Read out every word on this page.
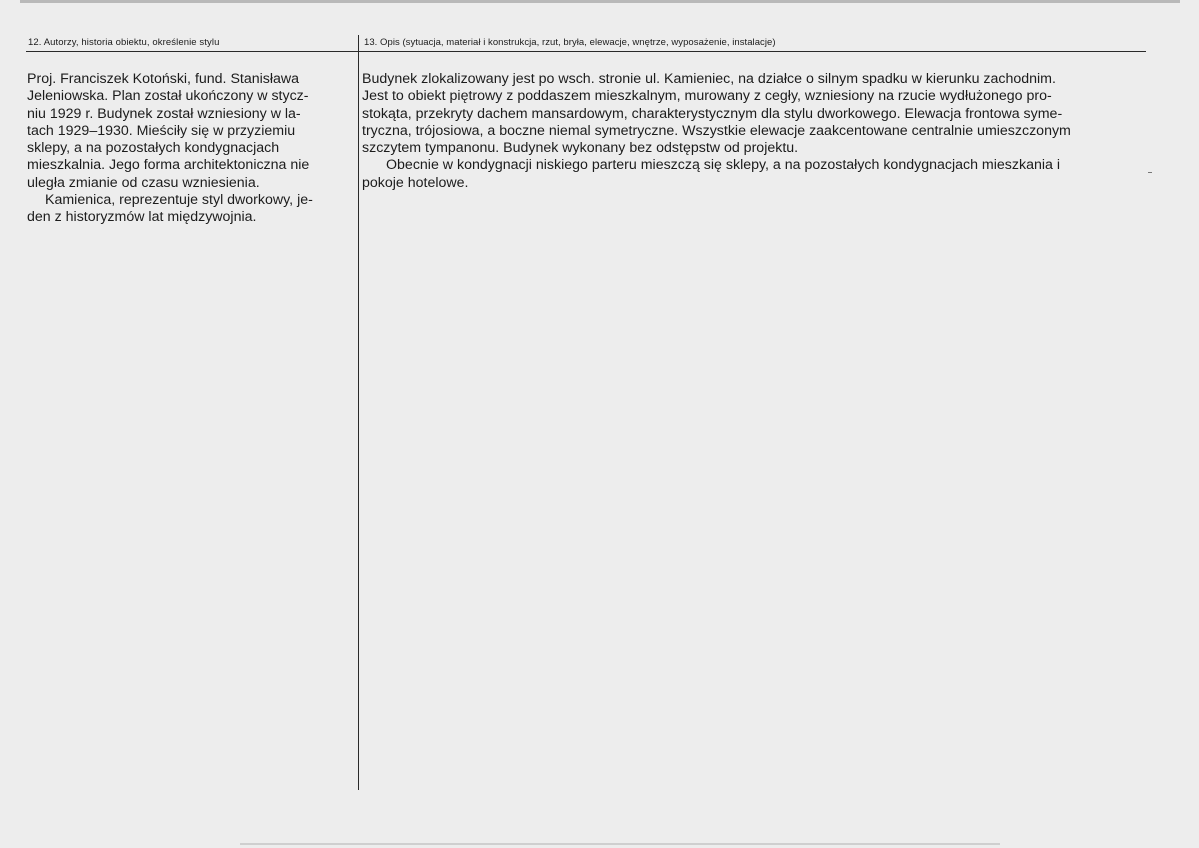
12. Autorzy, historia obiektu, określenie stylu	13. Opis (sytuacja, materiał i konstrukcja, rzut, bryła, elewacje, wnętrze, wyposażenie, instalacje)
Proj. Franciszek Kotoński, fund. Stanisława
Jeleniowska. Plan został ukończony w stycz-
niu 1929 r. Budynek został wzniesiony w la-
tach 1929–1930. Mieściły się w przyziemiu
sklepy, a na pozostałych kondygnacjach
mieszkalnia. Jego forma architektoniczna nie
uległa zmianie od czasu wzniesienia.
Kamienica, reprezentuje styl dworkowy, je-
den z historyzmów lat międzywojnia.
Budynek zlokalizowany jest po wsch. stronie ul. Kamieniec, na działce o silnym spadku w kierunku zachodnim.
Jest to obiekt piętrowy z poddaszem mieszkalnym, murowany z cegły, wzniesiony na rzucie wydłużonego pro-
stokąta, przekryty dachem mansardowym, charakterystycznym dla stylu dworkowego. Elewacja frontowa syme-
tryczna, trójosiowa, a boczne niemal symetryczne. Wszystkie elewacje zaakcentowane centralnie umieszczonym
szczytem tympanonu. Budynek wykonany bez odstępstw od projektu.
Obecnie w kondygnacji niskiego parteru mieszczą się sklepy, a na pozostałych kondygnacjach mieszkania i
pokoje hotelowe.
